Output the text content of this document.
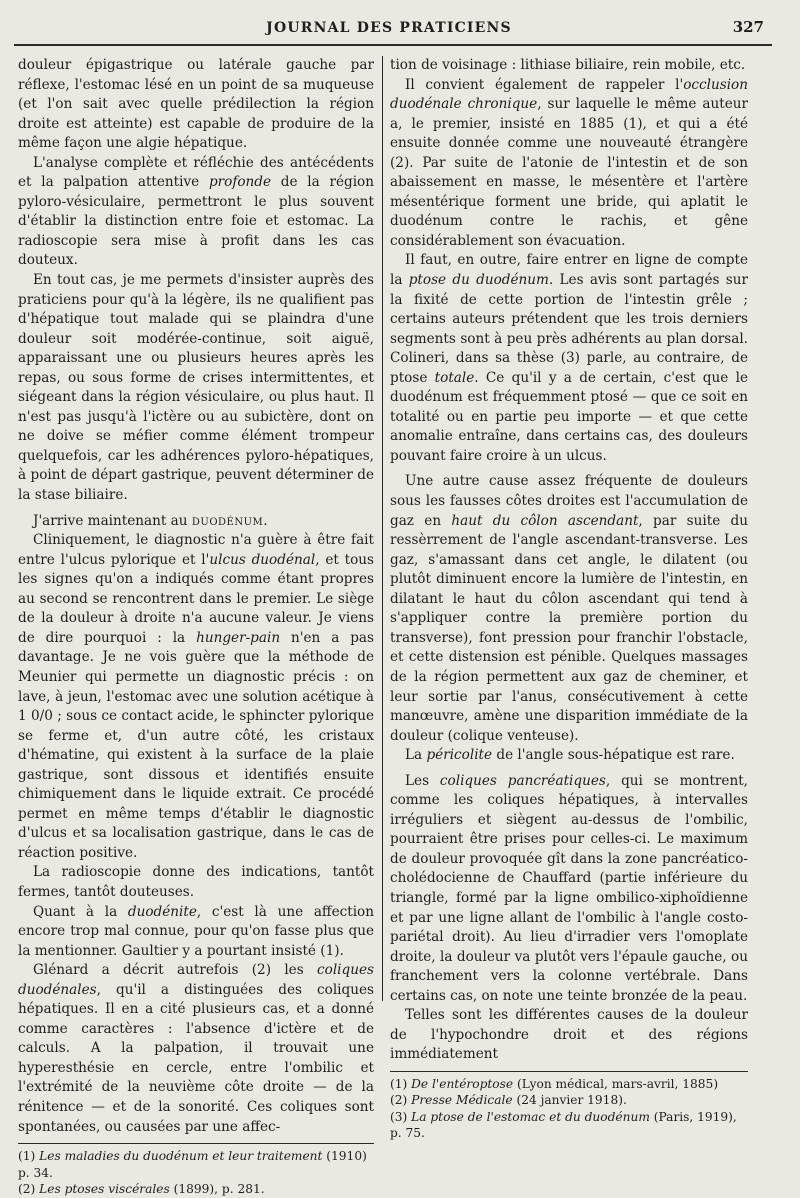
JOURNAL DES PRATICIENS	327

douleur épigastrique ou latérale gauche par réflexe, l'estomac lésé en un point de sa muqueuse (et l'on sait avec quelle prédilection la région droite est atteinte) est capable de produire de la même façon une algie hépatique.

L'analyse complète et réfléchie des antécédents et la palpation attentive profonde de la région pyloro-vésiculaire, permettront le plus souvent d'établir la distinction entre foie et estomac. La radioscopie sera mise à profit dans les cas douteux.

En tout cas, je me permets d'insister auprès des praticiens pour qu'à la légère, ils ne qualifient pas d'hépatique tout malade qui se plaindra d'une douleur soit modérée-continue, soit aiguë, apparaissant une ou plusieurs heures après les repas, ou sous forme de crises intermittentes, et siégeant dans la région vésiculaire, ou plus haut. Il n'est pas jusqu'à l'ictère ou au subictère, dont on ne doive se méfier comme élément trompeur quelquefois, car les adhérences pyloro-hépatiques, à point de départ gastrique, peuvent déterminer de la stase biliaire.

J'arrive maintenant au duodénum.

Cliniquement, le diagnostic n'a guère à être fait entre l'ulcus pylorique et l'ulcus duodénal, et tous les signes qu'on a indiqués comme étant propres au second se rencontrent dans le premier. Le siège de la douleur à droite n'a aucune valeur. Je viens de dire pourquoi : la hunger-pain n'en a pas davantage. Je ne vois guère que la méthode de Meunier qui permette un diagnostic précis : on lave, à jeun, l'estomac avec une solution acétique à 1 0/0 ; sous ce contact acide, le sphincter pylorique se ferme et, d'un autre côté, les cristaux d'hématine, qui existent à la surface de la plaie gastrique, sont dissous et identifiés ensuite chimiquement dans le liquide extrait. Ce procédé permet en même temps d'établir le diagnostic d'ulcus et sa localisation gastrique, dans le cas de réaction positive.

La radioscopie donne des indications, tantôt fermes, tantôt douteuses.

Quant à la duodénite, c'est là une affection encore trop mal connue, pour qu'on fasse plus que la mentionner. Gaultier y a pourtant insisté (1).

Glénard a décrit autrefois (2) les coliques duodénales, qu'il a distinguées des coliques hépatiques. Il en a cité plusieurs cas, et a donné comme caractères : l'absence d'ictère et de calculs. A la palpation, il trouvait une hyperesthésie en cercle, entre l'ombilic et l'extrémité de la neuvième côte droite — de la rénitence — et de la sonorité. Ces coliques sont spontanées, ou causées par une affec-

(1) Les maladies du duodénum et leur traitement (1910) p. 34.

(2) Les ptoses viscérales (1899), p. 281.

tion de voisinage : lithiase biliaire, rein mobile, etc.

Il convient également de rappeler l'occlusion duodénale chronique, sur laquelle le même auteur a, le premier, insisté en 1885 (1), et qui a été ensuite donnée comme une nouveauté étrangère (2). Par suite de l'atonie de l'intestin et de son abaissement en masse, le mésentère et l'artère mésentérique forment une bride, qui aplatit le duodénum contre le rachis, et gêne considérablement son évacuation.

Il faut, en outre, faire entrer en ligne de compte la ptose du duodénum. Les avis sont partagés sur la fixité de cette portion de l'intestin grêle ; certains auteurs prétendent que les trois derniers segments sont à peu près adhérents au plan dorsal. Colineri, dans sa thèse (3) parle, au contraire, de ptose totale. Ce qu'il y a de certain, c'est que le duodénum est fréquemment ptosé — que ce soit en totalité ou en partie peu importe — et que cette anomalie entraîne, dans certains cas, des douleurs pouvant faire croire à un ulcus.

Une autre cause assez fréquente de douleurs sous les fausses côtes droites est l'accumulation de gaz en haut du côlon ascendant, par suite du ressèrrement de l'angle ascendant-transverse. Les gaz, s'amassant dans cet angle, le dilatent (ou plutôt diminuent encore la lumière de l'intestin, en dilatant le haut du côlon ascendant qui tend à s'appliquer contre la première portion du transverse), font pression pour franchir l'obstacle, et cette distension est pénible. Quelques massages de la région permettent aux gaz de cheminer, et leur sortie par l'anus, consécutivement à cette manœuvre, amène une disparition immédiate de la douleur (colique venteuse).

La péricolite de l'angle sous-hépatique est rare.

Les coliques pancréatiques, qui se montrent, comme les coliques hépatiques, à intervalles irréguliers et siègent au-dessus de l'ombilic, pourraient être prises pour celles-ci. Le maximum de douleur provoquée gît dans la zone pancréatico-cholédocienne de Chauffard (partie inférieure du triangle, formé par la ligne ombilico-xiphoïdienne et par une ligne allant de l'ombilic à l'angle costo-pariétal droit). Au lieu d'irradier vers l'omoplate droite, la douleur va plutôt vers l'épaule gauche, ou franchement vers la colonne vertébrale. Dans certains cas, on note une teinte bronzée de la peau.

Telles sont les différentes causes de la douleur de l'hypochondre droit et des régions immédiatement

(1) De l'entéroptose (Lyon médical, mars-avril, 1885)

(2) Presse Médicale (24 janvier 1918).

(3) La ptose de l'estomac et du duodénum (Paris, 1919), p. 75.
